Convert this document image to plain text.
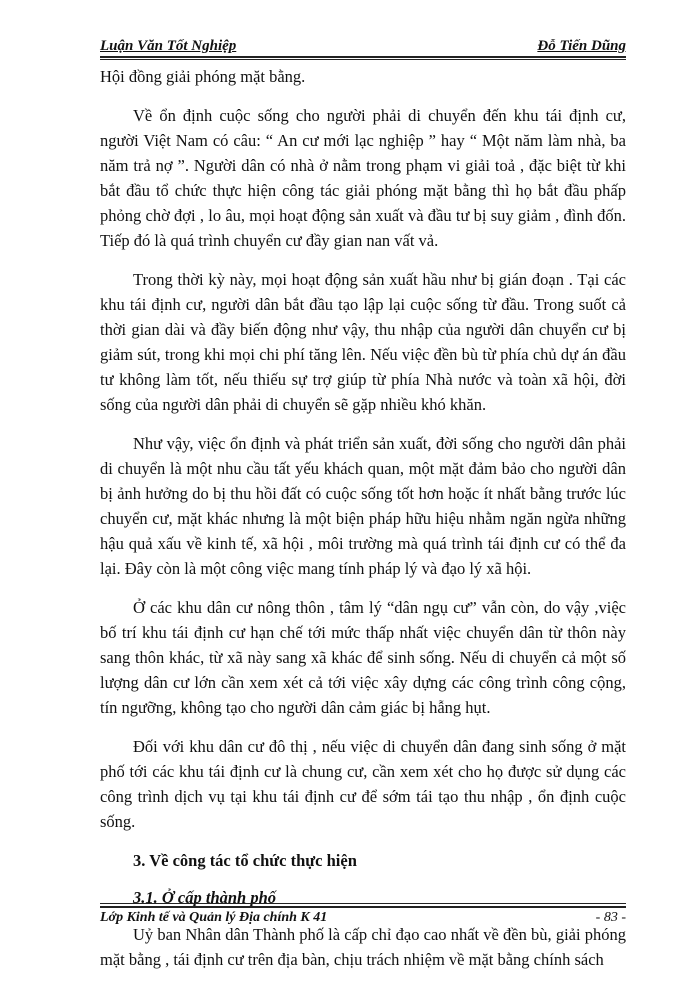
Luận Văn Tốt Nghiệp	Đỗ Tiến Dũng

Hội đồng giải phóng mặt bằng.

Về ổn định cuộc sống cho người phải di chuyển đến khu tái định cư, người Việt Nam có câu: “ An cư mới lạc nghiệp ” hay “ Một năm làm nhà, ba năm trả nợ ”. Người dân có nhà ở nằm trong phạm vi giải toả , đặc biệt từ khi bắt đầu tổ chức thực hiện công tác giải phóng mặt bằng thì họ bắt đầu phấp phỏng chờ đợi , lo âu, mọi hoạt động sản xuất và đầu tư bị suy giảm , đình đốn. Tiếp đó là quá trình chuyển cư đầy gian nan vất vả.

Trong thời kỳ này, mọi hoạt động sản xuất hầu như bị gián đoạn . Tại các khu tái định cư, người dân bắt đầu tạo lập lại cuộc sống từ đầu. Trong suốt cả thời gian dài và đầy biến động như vậy, thu nhập của người dân chuyển cư bị giảm sút, trong khi mọi chi phí tăng lên. Nếu việc đền bù từ phía chủ dự án đầu tư không làm tốt, nếu thiếu sự trợ giúp từ phía Nhà nước và toàn xã hội, đời sống của người dân phải di chuyển sẽ gặp nhiều khó khăn.

Như vậy, việc ổn định và phát triển sản xuất, đời sống cho người dân phải di chuyển là một nhu cầu tất yếu khách quan, một mặt đảm bảo cho người dân bị ảnh hưởng do bị thu hồi đất có cuộc sống tốt hơn hoặc ít nhất bằng trước lúc chuyển cư, mặt khác nhưng là một biện pháp hữu hiệu nhằm ngăn ngừa những hậu quả xấu về kinh tế, xã hội , môi trường mà quá trình tái định cư có thể đa lại. Đây còn là một công việc mang tính pháp lý và đạo lý xã hội.

Ở các khu dân cư nông thôn , tâm lý “dân ngụ cư” vẫn còn, do vậy ,việc bố trí khu tái định cư hạn chế tới mức thấp nhất việc chuyển dân từ thôn này sang thôn khác, từ xã này sang xã khác để sinh sống. Nếu di chuyển cả một số lượng dân cư lớn cần xem xét cả tới việc xây dựng các công trình công cộng, tín ngưỡng, không tạo cho người dân cảm giác bị hẫng hụt.

Đối với khu dân cư đô thị , nếu việc di chuyển dân đang sinh sống ở mặt phố tới các khu tái định cư là chung cư, cần xem xét cho họ được sử dụng các công trình dịch vụ tại khu tái định cư để sớm tái tạo thu nhập , ổn định cuộc sống.

3. Về công tác tổ chức thực hiện
3.1. Ở cấp thành phố

Uỷ ban Nhân dân Thành phố là cấp chỉ đạo cao nhất về đền bù, giải phóng mặt bằng , tái định cư trên địa bàn, chịu trách nhiệm về mặt bằng chính sách

Lớp Kinh tế và Quản lý Địa chính K 41	- 83 -
